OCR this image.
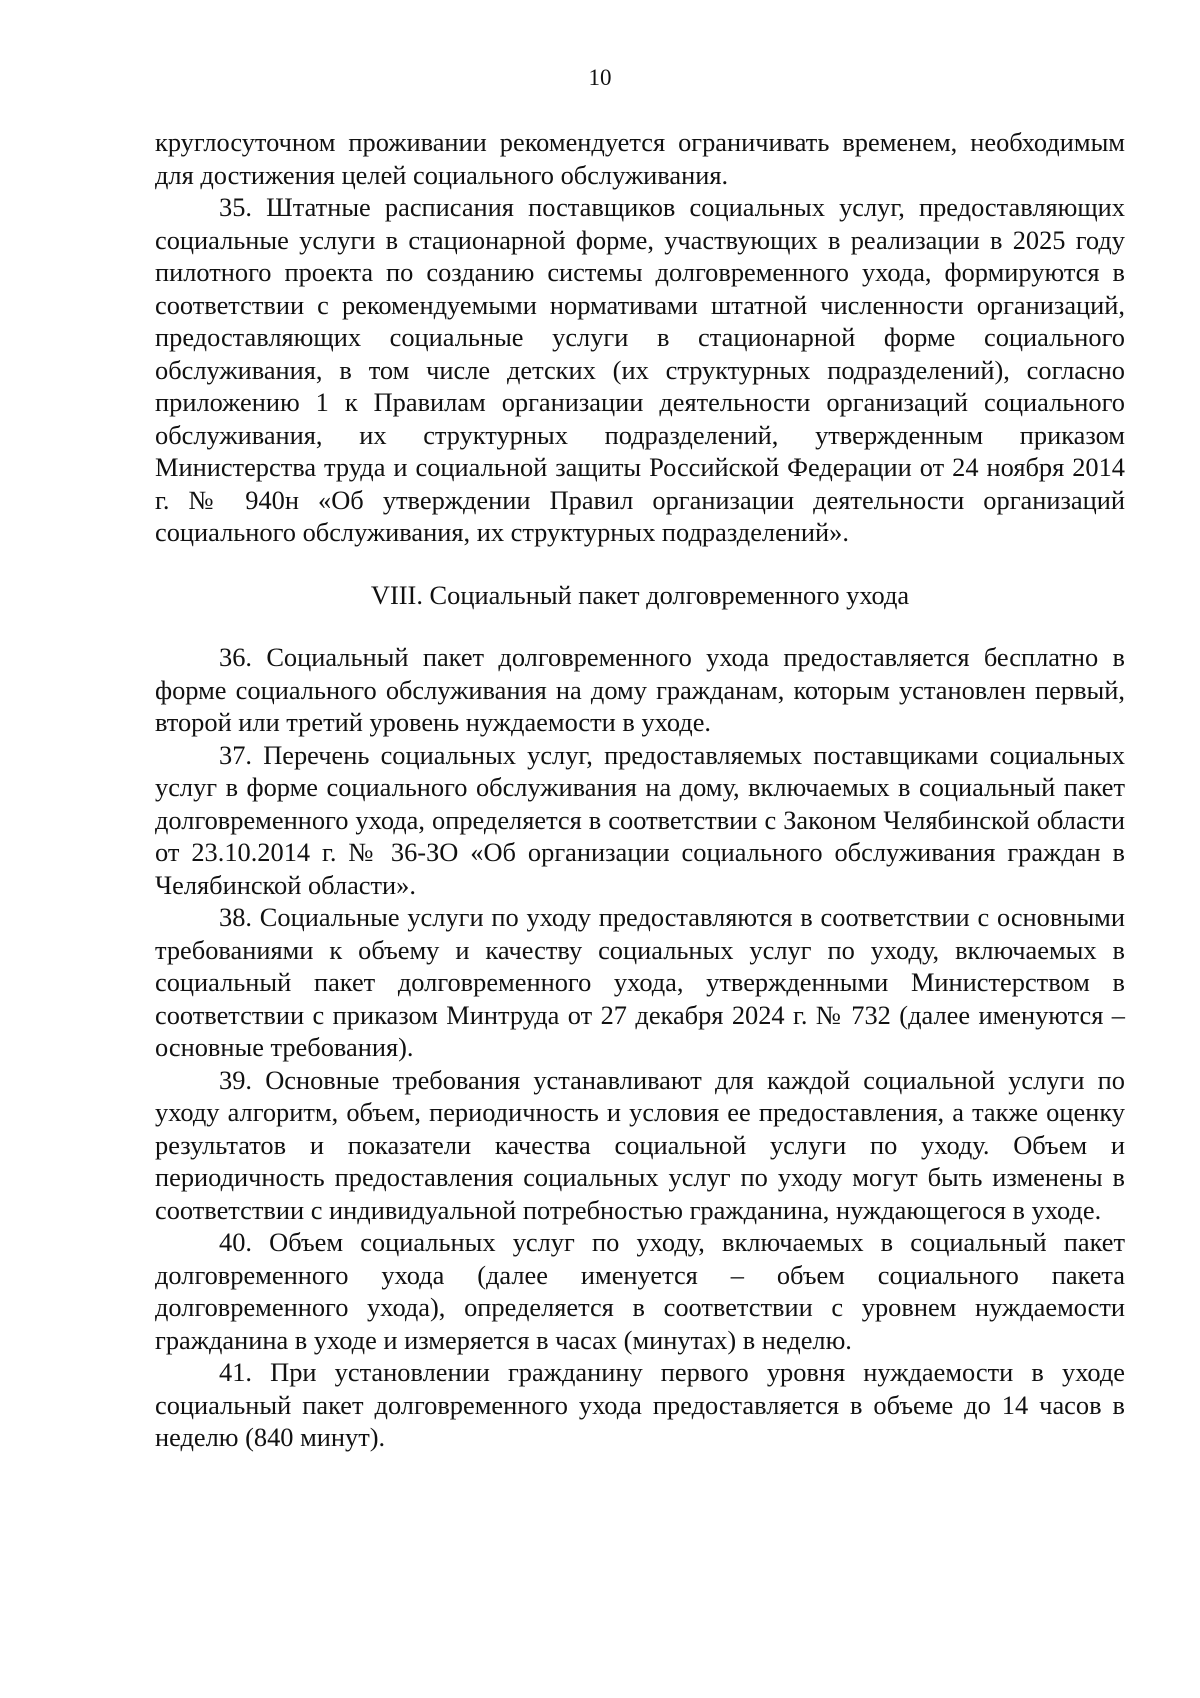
10

круглосуточном проживании рекомендуется ограничивать временем, необходимым для достижения целей социального обслуживания.

35. Штатные расписания поставщиков социальных услуг, предоставляющих социальные услуги в стационарной форме, участвующих в реализации в 2025 году пилотного проекта по созданию системы долговременного ухода, формируются в соответствии с рекомендуемыми нормативами штатной численности организаций, предоставляющих социальные услуги в стационарной форме социального обслуживания, в том числе детских (их структурных подразделений), согласно приложению 1 к Правилам организации деятельности организаций социального обслуживания, их структурных подразделений, утвержденным приказом Министерства труда и социальной защиты Российской Федерации от 24 ноября 2014 г. № 940н «Об утверждении Правил организации деятельности организаций социального обслуживания, их структурных подразделений».

VIII. Социальный пакет долговременного ухода

36. Социальный пакет долговременного ухода предоставляется бесплатно в форме социального обслуживания на дому гражданам, которым установлен первый, второй или третий уровень нуждаемости в уходе.

37. Перечень социальных услуг, предоставляемых поставщиками социальных услуг в форме социального обслуживания на дому, включаемых в социальный пакет долговременного ухода, определяется в соответствии с Законом Челябинской области от 23.10.2014 г. № 36-ЗО «Об организации социального обслуживания граждан в Челябинской области».

38. Социальные услуги по уходу предоставляются в соответствии с основными требованиями к объему и качеству социальных услуг по уходу, включаемых в социальный пакет долговременного ухода, утвержденными Министерством в соответствии с приказом Минтруда от 27 декабря 2024 г. № 732 (далее именуются – основные требования).

39. Основные требования устанавливают для каждой социальной услуги по уходу алгоритм, объем, периодичность и условия ее предоставления, а также оценку результатов и показатели качества социальной услуги по уходу. Объем и периодичность предоставления социальных услуг по уходу могут быть изменены в соответствии с индивидуальной потребностью гражданина, нуждающегося в уходе.

40. Объем социальных услуг по уходу, включаемых в социальный пакет долговременного ухода (далее именуется – объем социального пакета долговременного ухода), определяется в соответствии с уровнем нуждаемости гражданина в уходе и измеряется в часах (минутах) в неделю.

41. При установлении гражданину первого уровня нуждаемости в уходе социальный пакет долговременного ухода предоставляется в объеме до 14 часов в неделю (840 минут).
